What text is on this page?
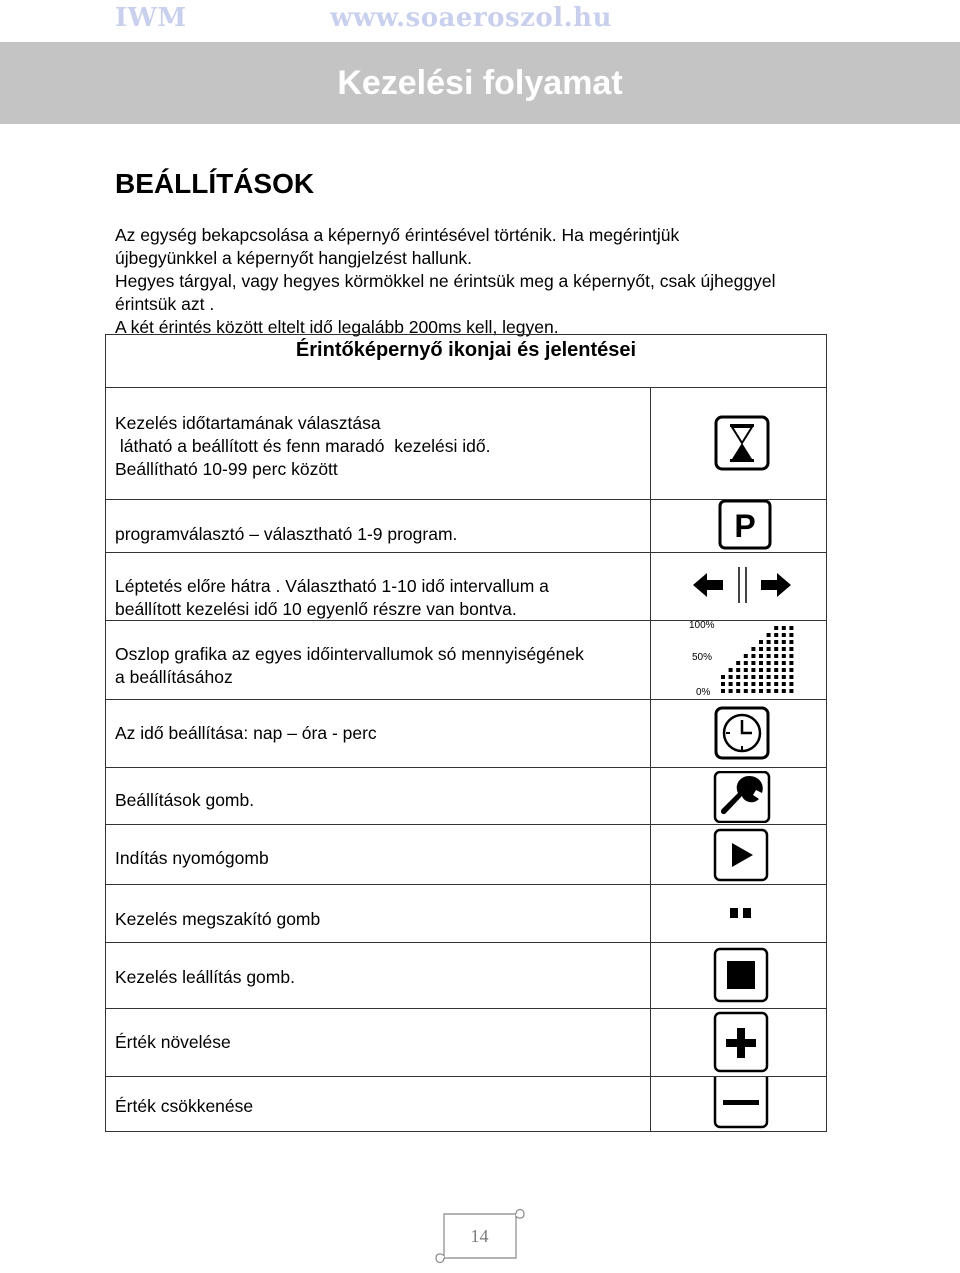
IWM	www.soaeroszol.hu
Kezelési folyamat
BEÁLLÍTÁSOK

Az egység bekapcsolása a képernyő érintésével történik. Ha megérintjük

újbegyünkkel a képernyőt hangjelzést hallunk.

Hegyes tárgyal, vagy hegyes körmökkel ne érintsük meg a képernyőt, csak újheggyel

érintsük azt .

A két érintés között eltelt idő legalább 200ms kell, legyen.

Érintőképernyő ikonjai és jelentései
Kezelés időtartamának választása
látható a beállított és fenn maradó  kezelési idő.
Beállítható 10-99 perc között
programválasztó – választható 1-9 program.	P
Léptetés előre hátra . Választható 1-10 idő intervallum a
beállított kezelési idő 10 egyenlő részre van bontva.
Oszlop grafika az egyes időintervallumok só mennyiségének
a beállításához
100%
50%
0%
Az idő beállítása: nap – óra - perc
Beállítások gomb.
Indítás nyomógomb
Kezelés megszakító gomb
Kezelés leállítás gomb.
Érték növelése
Érték csökkenése
14
